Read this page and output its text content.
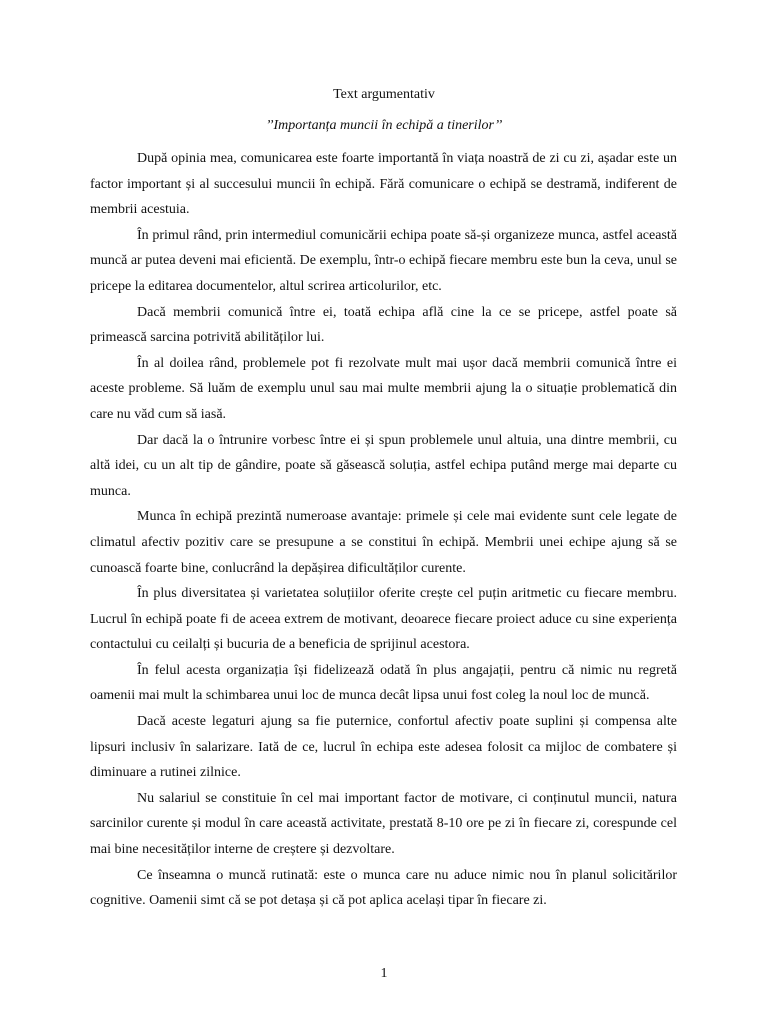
Text argumentativ
’’Importanța muncii în echipă a tinerilor’’

După opinia mea, comunicarea este foarte importantă în viața noastră de zi cu zi, așadar este un factor important și al succesului muncii în echipă. Fără comunicare o echipă se destramă, indiferent de membrii acestuia.

În primul rând, prin intermediul comunicării echipa poate să-și organizeze munca, astfel această muncă ar putea deveni mai eficientă. De exemplu, într-o echipă fiecare membru este bun la ceva, unul se pricepe la editarea documentelor, altul scrirea articolurilor, etc.

Dacă membrii comunică între ei, toată echipa află cine la ce se pricepe, astfel poate să primească sarcina potrivită abilităților lui.

În al doilea rând, problemele pot fi rezolvate mult mai ușor dacă membrii comunică între ei aceste probleme. Să luăm de exemplu unul sau mai multe membrii ajung la o situație problematică din care nu văd cum să iasă.

Dar dacă la o întrunire vorbesc între ei și spun problemele unul altuia, una dintre membrii, cu altă idei, cu un alt tip de gândire, poate să găsească soluția, astfel echipa putând merge mai departe cu munca.

Munca în echipă prezintă numeroase avantaje: primele și cele mai evidente sunt cele legate de climatul afectiv pozitiv care se presupune a se constitui în echipă. Membrii unei echipe ajung să se cunoască foarte bine, conlucrând la depășirea dificultăților curente.

În plus diversitatea și varietatea soluțiilor oferite crește cel puțin aritmetic cu fiecare membru. Lucrul în echipă poate fi de aceea extrem de motivant, deoarece fiecare proiect aduce cu sine experiența contactului cu ceilalți și bucuria de a beneficia de sprijinul acestora.

În felul acesta organizația își fidelizează odată în plus angajații, pentru că nimic nu regretă oamenii mai mult la schimbarea unui loc de munca decât lipsa unui fost coleg la noul loc de muncă.

Dacă aceste legaturi ajung sa fie puternice, confortul afectiv poate suplini și compensa alte lipsuri inclusiv în salarizare. Iată de ce, lucrul în echipa este adesea folosit ca mijloc de combatere și diminuare a rutinei zilnice.

Nu salariul se constituie în cel mai important factor de motivare, ci conținutul muncii, natura sarcinilor curente și modul în care această activitate, prestată 8-10 ore pe zi în fiecare zi, corespunde cel mai bine necesităților interne de creștere și dezvoltare.

Ce înseamna o muncă rutinată: este o munca care nu aduce nimic nou în planul solicitărilor cognitive. Oamenii simt că se pot detașa și că pot aplica același tipar în fiecare zi.

1
